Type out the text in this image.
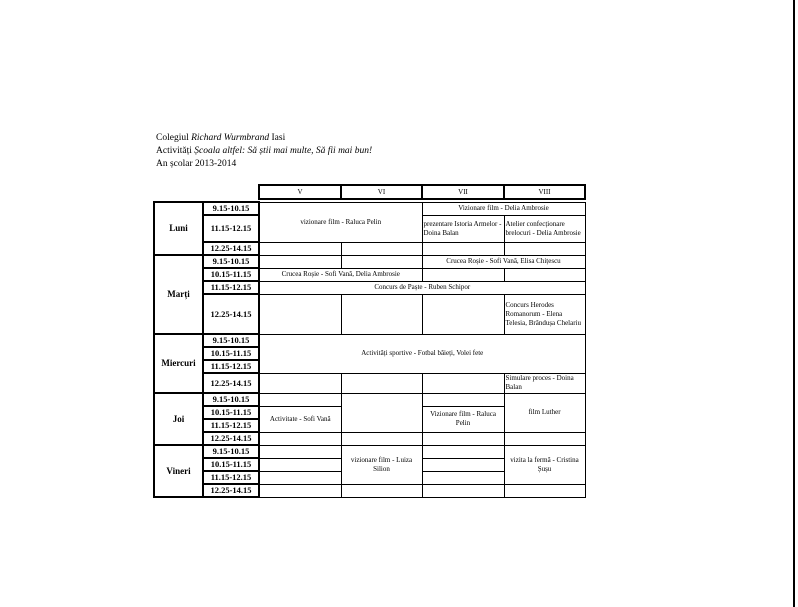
Colegiul Richard Wurmbrand Iasi
Activități Școala altfel: Să știi mai multe, Să fii mai bun!
An școlar 2013-2014
		V	VI	VII	VIII

Luni	9.15-10.15	vizionare film - Raluca Pelin		Vizionare film - Delia Ambrosie	
	11.15-12.15			prezentare Istoria Armelor - Doina Balan	Atelier confecționare brelocuri - Delia Ambrosie
	12.25-14.15				
Marți	9.15-10.15			Crucea Roșie - Sofi Vană, Elisa Chițescu	
	10.15-11.15	Crucea Roșie - Sofi Vană, Delia Ambrosie			
	11.15-12.15	Concurs de Paște - Ruben Schipor			
	12.25-14.15				Concurs Herodes Romanorum - Elena Telesia, Brândușa Chelariu
Miercuri	9.15-10.15	Activități sportive - Fotbal băieți, Volei fete			
	10.15-11.15				
	11.15-12.15				
	12.25-14.15				Simulare proces - Doina Balan
Joi	9.15-10.15				film Luther
	10.15-11.15	Activitate - Sofi Vană		Vizionare film - Raluca Pelin	
	11.15-12.15				
	12.25-14.15				
Vineri	9.15-10.15		vizionare film - Luiza Silion		vizita la fermă - Cristina Șușu
	10.15-11.15				
	11.15-12.15				
	12.25-14.15				
